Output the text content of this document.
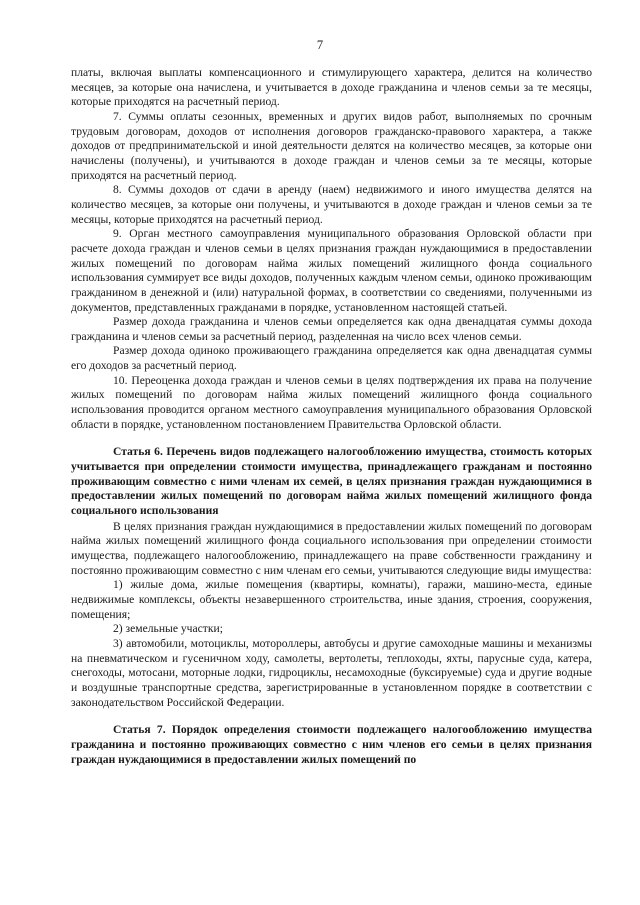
7

платы, включая выплаты компенсационного и стимулирующего характера, делится на количество месяцев, за которые она начислена, и учитывается в доходе гражданина и членов семьи за те месяцы, которые приходятся на расчетный период.

7. Суммы оплаты сезонных, временных и других видов работ, выполняемых по срочным трудовым договорам, доходов от исполнения договоров гражданско-правового характера, а также доходов от предпринимательской и иной деятельности делятся на количество месяцев, за которые они начислены (получены), и учитываются в доходе граждан и членов семьи за те месяцы, которые приходятся на расчетный период.

8. Суммы доходов от сдачи в аренду (наем) недвижимого и иного имущества делятся на количество месяцев, за которые они получены, и учитываются в доходе граждан и членов семьи за те месяцы, которые приходятся на расчетный период.

9. Орган местного самоуправления муниципального образования Орловской области при расчете дохода граждан и членов семьи в целях признания граждан нуждающимися в предоставлении жилых помещений по договорам найма жилых помещений жилищного фонда социального использования суммирует все виды доходов, полученных каждым членом семьи, одиноко проживающим гражданином в денежной и (или) натуральной формах, в соответствии со сведениями, полученными из документов, представленных гражданами в порядке, установленном настоящей статьей.

Размер дохода гражданина и членов семьи определяется как одна двенадцатая суммы дохода гражданина и членов семьи за расчетный период, разделенная на число всех членов семьи.

Размер дохода одиноко проживающего гражданина определяется как одна двенадцатая суммы его доходов за расчетный период.

10. Переоценка дохода граждан и членов семьи в целях подтверждения их права на получение жилых помещений по договорам найма жилых помещений жилищного фонда социального использования проводится органом местного самоуправления муниципального образования Орловской области в порядке, установленном постановлением Правительства Орловской области.

Статья 6. Перечень видов подлежащего налогообложению имущества, стоимость которых учитывается при определении стоимости имущества, принадлежащего гражданам и постоянно проживающим совместно с ними членам их семей, в целях признания граждан нуждающимися в предоставлении жилых помещений по договорам найма жилых помещений жилищного фонда социального использования

В целях признания граждан нуждающимися в предоставлении жилых помещений по договорам найма жилых помещений жилищного фонда социального использования при определении стоимости имущества, подлежащего налогообложению, принадлежащего на праве собственности гражданину и постоянно проживающим совместно с ним членам его семьи, учитываются следующие виды имущества:

1) жилые дома, жилые помещения (квартиры, комнаты), гаражи, машино-места, единые недвижимые комплексы, объекты незавершенного строительства, иные здания, строения, сооружения, помещения;

2) земельные участки;

3) автомобили, мотоциклы, мотороллеры, автобусы и другие самоходные машины и механизмы на пневматическом и гусеничном ходу, самолеты, вертолеты, теплоходы, яхты, парусные суда, катера, снегоходы, мотосани, моторные лодки, гидроциклы, несамоходные (буксируемые) суда и другие водные и воздушные транспортные средства, зарегистрированные в установленном порядке в соответствии с законодательством Российской Федерации.

Статья 7. Порядок определения стоимости подлежащего налогообложению имущества гражданина и постоянно проживающих совместно с ним членов его семьи в целях признания граждан нуждающимися в предоставлении жилых помещений по
